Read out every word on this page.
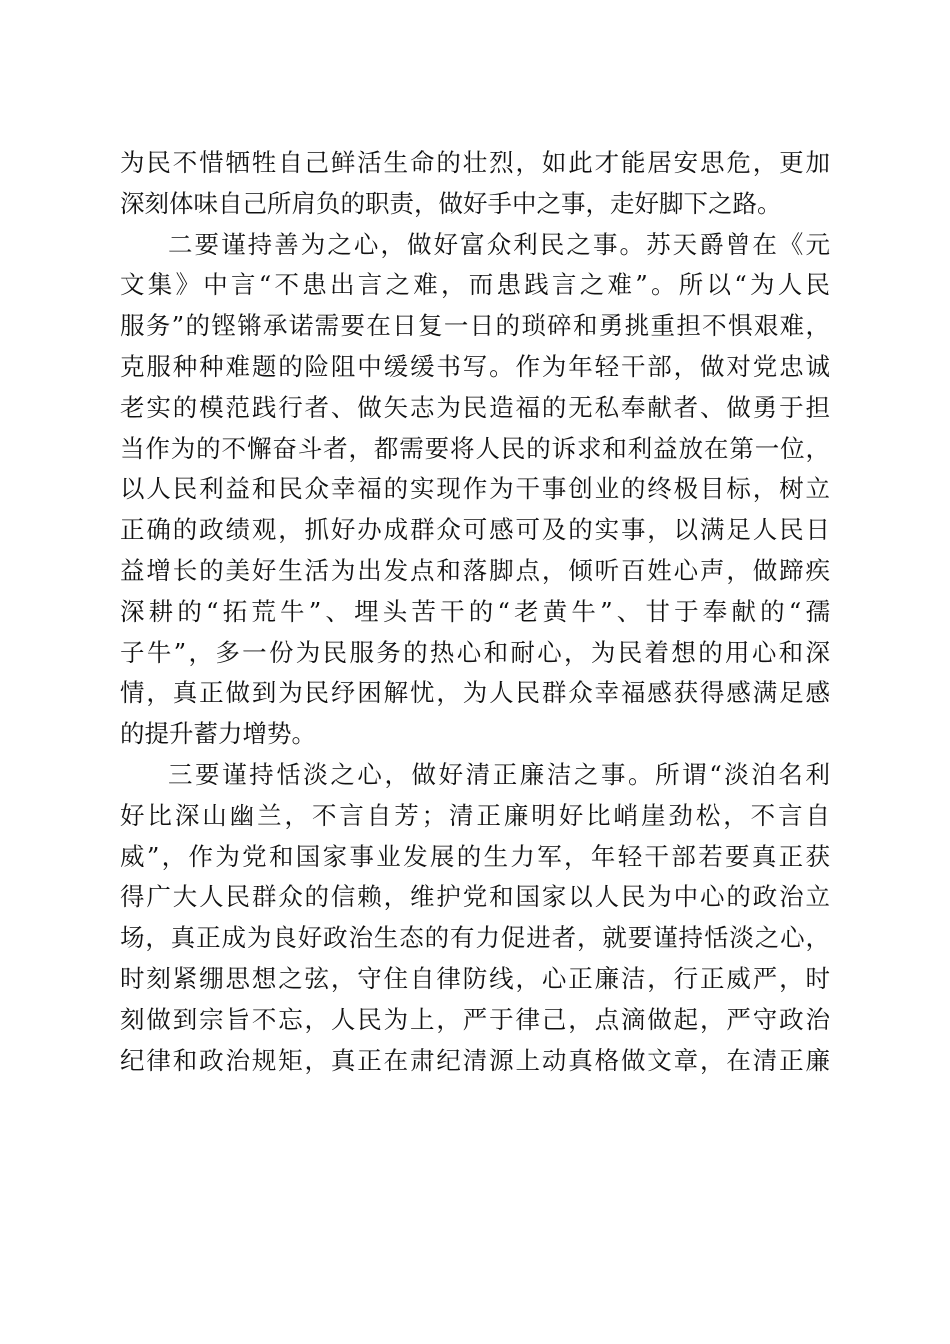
为民不惜牺牲自己鲜活生命的壮烈，如此才能居安思危，更加
深刻体味自己所肩负的职责，做好手中之事，走好脚下之路。
二要谨持善为之心，做好富众利民之事。苏天爵曾在《元
文集》中言“不患出言之难，而患践言之难”。所以“为人民
服务”的铿锵承诺需要在日复一日的琐碎和勇挑重担不惧艰难，
克服种种难题的险阻中缓缓书写。作为年轻干部，做对党忠诚
老实的模范践行者、做矢志为民造福的无私奉献者、做勇于担
当作为的不懈奋斗者，都需要将人民的诉求和利益放在第一位，
以人民利益和民众幸福的实现作为干事创业的终极目标，树立
正确的政绩观，抓好办成群众可感可及的实事，以满足人民日
益增长的美好生活为出发点和落脚点，倾听百姓心声，做蹄疾
深耕的“拓荒牛”、埋头苦干的“老黄牛”、甘于奉献的“孺
子牛”，多一份为民服务的热心和耐心，为民着想的用心和深
情，真正做到为民纾困解忧，为人民群众幸福感获得感满足感
的提升蓄力增势。
三要谨持恬淡之心，做好清正廉洁之事。所谓“淡泊名利
好比深山幽兰，不言自芳；清正廉明好比峭崖劲松，不言自
威”，作为党和国家事业发展的生力军，年轻干部若要真正获
得广大人民群众的信赖，维护党和国家以人民为中心的政治立
场，真正成为良好政治生态的有力促进者，就要谨持恬淡之心，
时刻紧绷思想之弦，守住自律防线，心正廉洁，行正威严，时
刻做到宗旨不忘，人民为上，严于律己，点滴做起，严守政治
纪律和政治规矩，真正在肃纪清源上动真格做文章，在清正廉
